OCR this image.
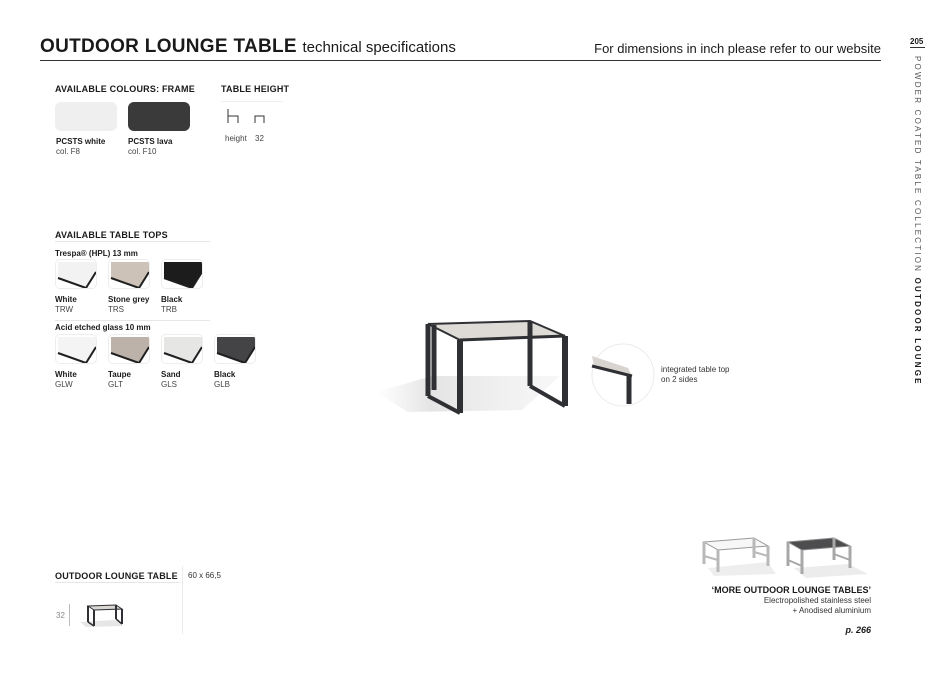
OUTDOOR LOUNGE TABLE technical specifications	For dimensions in inch please refer to our website	205
POWDER COATED TABLE COLLECTION OUTDOOR LOUNGE
AVAILABLE COLOURS: FRAME
PCSTS white
col. F8
PCSTS lava
col. F10
TABLE HEIGHT
height 32
AVAILABLE TABLE TOPS
Trespa® (HPL) 13 mm
White
TRW
Stone grey
TRS
Black
TRB
Acid etched glass 10 mm
White
GLW
Taupe
GLT
Sand
GLS
Black
GLB
integrated table top
on 2 sides
‘MORE OUTDOOR LOUNGE TABLES’
Electropolished stainless steel
+ Anodised aluminium
p. 266
OUTDOOR LOUNGE TABLE 60 x 66,5
32
